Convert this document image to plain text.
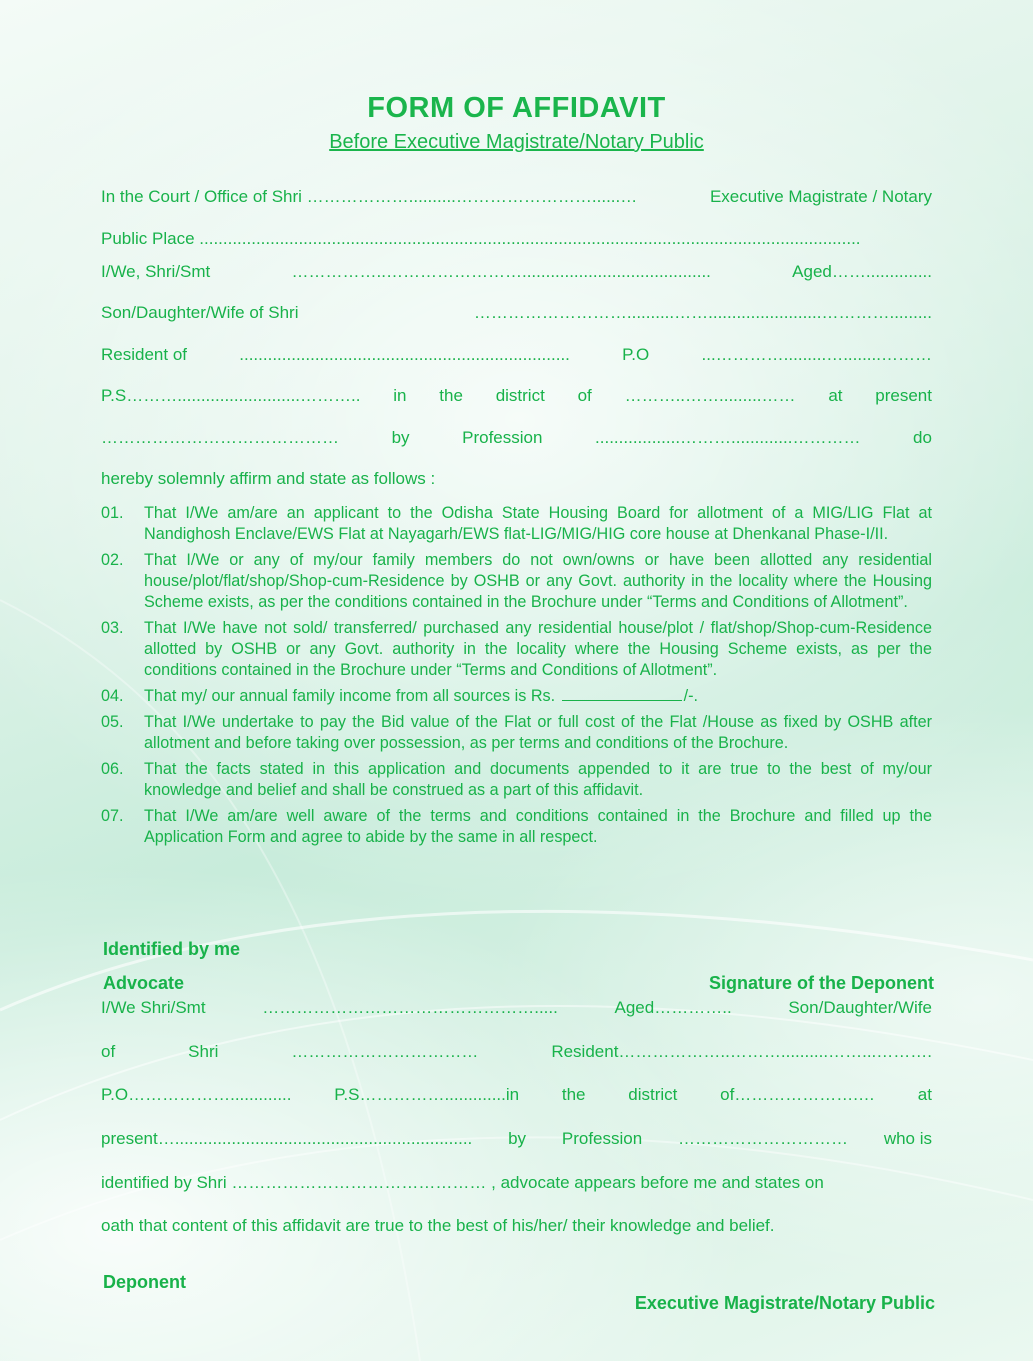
FORM OF AFFIDAVIT
Before Executive Magistrate/Notary Public
In the Court / Office of Shri ………………..........……………………......…	Executive Magistrate / Notary
Public Place ............................................................................................................................................
I/We, Shri/Smt	……………..……………………........................................	Aged……..............
Son/Daughter/Wife of Shri	………………………..........……........................………….........
Resident of	......................................................................	P.O	...………….........…........………
P.S………..........................……….. in the district of ………..…….........…… at present
……………………………………	by	Profession	..................……….............…………	do
hereby solemnly affirm and state as follows :
01.	That I/We am/are an applicant to the Odisha State Housing Board for allotment of a MIG/LIG Flat at Nandighosh Enclave/EWS Flat at Nayagarh/EWS flat-LIG/MIG/HIG core house at Dhenkanal Phase-I/II.
02.	That I/We or any of my/our family members do not own/owns or have been allotted any residential house/plot/flat/shop/Shop-cum-Residence by OSHB or any Govt. authority in the locality where the Housing Scheme exists, as per the conditions contained in the Brochure under “Terms and Conditions of Allotment”.
03.	That I/We have not sold/ transferred/ purchased any residential house/plot / flat/shop/Shop-cum-Residence allotted by OSHB or any Govt. authority in the locality where the Housing Scheme exists, as per the conditions contained in the Brochure under “Terms and Conditions of Allotment”.
04.	That my/ our annual family income from all sources is Rs.	/-.
05.	That I/We undertake to pay the Bid value of the Flat or full cost of the Flat /House as fixed by OSHB after allotment and before taking over possession, as per terms and conditions of the Brochure.
06.	That the facts stated in this application and documents appended to it are true to the best of my/our knowledge and belief and shall be construed as a part of this affidavit.
07.	That I/We am/are well aware of the terms and conditions contained in the Brochure and filled up the Application Form and agree to abide by the same in all respect.
Identified by me
Advocate	Signature of the Deponent
I/We Shri/Smt	………………………………………….....	Aged…………..	Son/Daughter/Wife
of	Shri	……………………………	Resident………………..………..........……...……….
P.O……………….............	P.S…………….............in	the	district	of………………….…	at
present…............................................................... by Profession ………………………… who is
identified by Shri ……………………………………… , advocate appears before me and states on
oath that content of this affidavit are true to the best of his/her/ their knowledge and belief.
Deponent
Executive Magistrate/Notary Public
